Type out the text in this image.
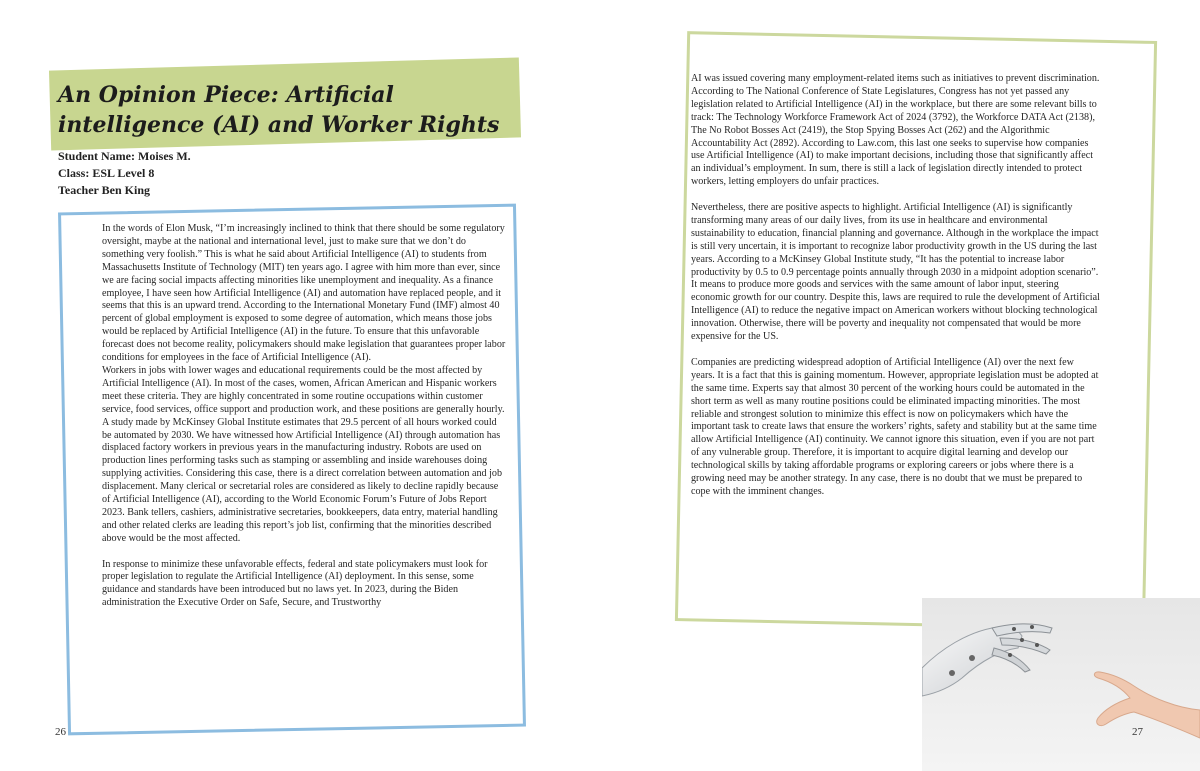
An Opinion Piece: Artificial intelligence (AI) and Worker Rights
Student Name: Moises M.
Class: ESL Level 8
Teacher Ben King

In the words of Elon Musk, “I’m increasingly inclined to think that there should be some regulatory oversight, maybe at the national and international level, just to make sure that we don’t do something very foolish.” This is what he said about Artificial Intelligence (AI) to students from Massachusetts Institute of Technology (MIT) ten years ago. I agree with him more than ever, since we are facing social impacts affecting minorities like unemployment and inequality. As a finance employee, I have seen how Artificial Intelligence (AI) and automation have replaced people, and it seems that this is an upward trend. According to the International Monetary Fund (IMF) almost 40 percent of global employment is exposed to some degree of automation, which means those jobs would be replaced by Artificial Intelligence (AI) in the future. To ensure that this unfavorable forecast does not become reality, policymakers should make legislation that guarantees proper labor conditions for employees in the face of Artificial Intelligence (AI).

Workers in jobs with lower wages and educational requirements could be the most affected by Artificial Intelligence (AI). In most of the cases, women, African American and Hispanic workers meet these criteria. They are highly concentrated in some routine occupations within customer service, food services, office support and production work, and these positions are generally hourly. A study made by McKinsey Global Institute estimates that 29.5 percent of all hours worked could be automated by 2030. We have witnessed how Artificial Intelligence (AI) through automation has displaced factory workers in previous years in the manufacturing industry. Robots are used on production lines performing tasks such as stamping or assembling and inside warehouses doing supplying activities. Considering this case, there is a direct correlation between automation and job displacement. Many clerical or secretarial roles are considered as likely to decline rapidly because of Artificial Intelligence (AI), according to the World Economic Forum’s Future of Jobs Report 2023. Bank tellers, cashiers, administrative secretaries, bookkeepers, data entry, material handling and other related clerks are leading this report’s job list, confirming that the minorities described above would be the most affected.

In response to minimize these unfavorable effects, federal and state policymakers must look for proper legislation to regulate the Artificial Intelligence (AI) deployment. In this sense, some guidance and standards have been introduced but no laws yet. In 2023, during the Biden administration the Executive Order on Safe, Secure, and Trustworthy

26

AI was issued covering many employment-related items such as initiatives to prevent discrimination. According to The National Conference of State Legislatures, Congress has not yet passed any legislation related to Artificial Intelligence (AI) in the workplace, but there are some relevant bills to track: The Technology Workforce Framework Act of 2024 (3792), the Workforce DATA Act (2138), The No Robot Bosses Act (2419), the Stop Spying Bosses Act (262) and the Algorithmic Accountability Act (2892). According to Law.com, this last one seeks to supervise how companies use Artificial Intelligence (AI) to make important decisions, including those that significantly affect an individual’s employment. In sum, there is still a lack of legislation directly intended to protect workers, letting employers do unfair practices.

Nevertheless, there are positive aspects to highlight. Artificial Intelligence (AI) is significantly transforming many areas of our daily lives, from its use in healthcare and environmental sustainability to education, financial planning and governance. Although in the workplace the impact is still very uncertain, it is important to recognize labor productivity growth in the US during the last years. According to a McKinsey Global Institute study, “It has the potential to increase labor productivity by 0.5 to 0.9 percentage points annually through 2030 in a midpoint adoption scenario”. It means to produce more goods and services with the same amount of labor input, steering economic growth for our country. Despite this, laws are required to rule the development of Artificial Intelligence (AI) to reduce the negative impact on American workers without blocking technological innovation. Otherwise, there will be poverty and inequality not compensated that would be more expensive for the US.

Companies are predicting widespread adoption of Artificial Intelligence (AI) over the next few years. It is a fact that this is gaining momentum. However, appropriate legislation must be adopted at the same time. Experts say that almost 30 percent of the working hours could be automated in the short term as well as many routine positions could be eliminated impacting minorities. The most reliable and strongest solution to minimize this effect is now on policymakers which have the important task to create laws that ensure the workers’ rights, safety and stability but at the same time allow Artificial Intelligence (AI) continuity. We cannot ignore this situation, even if you are not part of any vulnerable group. Therefore, it is important to acquire digital learning and develop our technological skills by taking affordable programs or exploring careers or jobs where there is a growing need may be another strategy. In any case, there is no doubt that we must be prepared to cope with the imminent changes.

27
